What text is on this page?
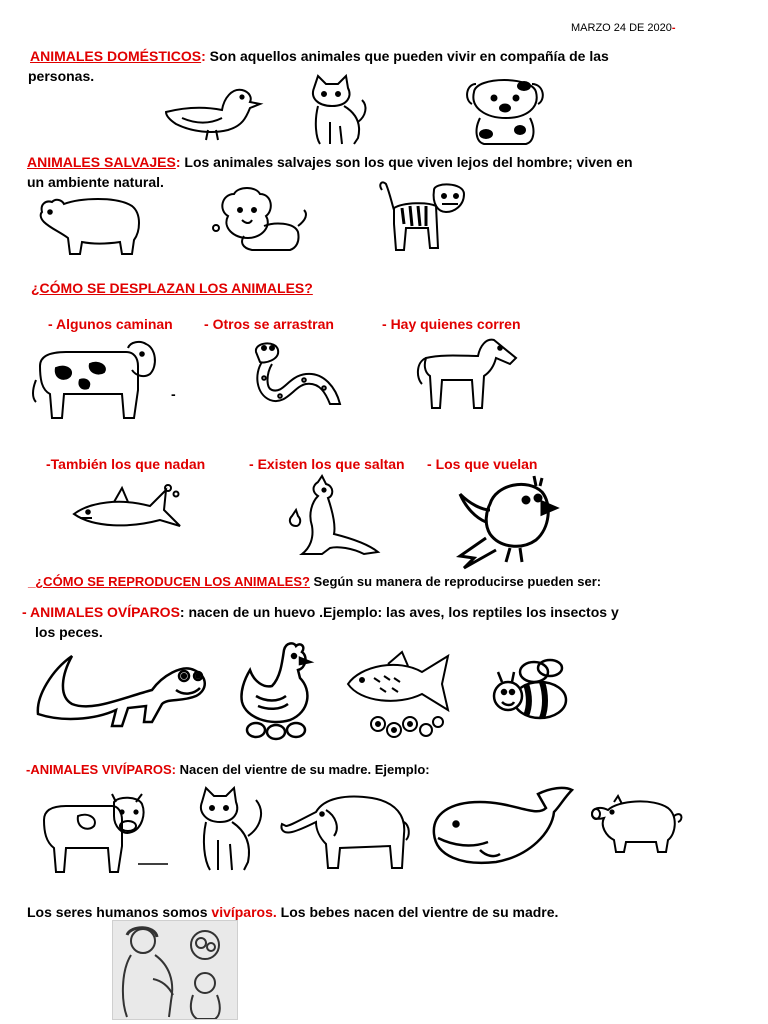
MARZO 24 DE 2020-
ANIMALES DOMÉSTICOS: Son aquellos animales que pueden vivir en compañía de las
personas.
ANIMALES SALVAJES: Los animales salvajes son los que viven lejos del hombre; viven en
un ambiente natural.
¿CÓMO SE DESPLAZAN LOS ANIMALES?
- Algunos caminan - Otros se arrastran	- Hay quienes corren
-
-También los que nadan	- Existen los que saltan - Los que vuelan
_¿CÓMO SE REPRODUCEN LOS ANIMALES? Según su manera de reproducirse pueden ser:
- ANIMALES OVÍPAROS: nacen de un huevo .Ejemplo: las aves, los reptiles los insectos y
los peces.
-ANIMALES VIVÍPAROS: Nacen del vientre de su madre. Ejemplo:
Los seres humanos somos vivíparos. Los bebes nacen del vientre de su madre.
